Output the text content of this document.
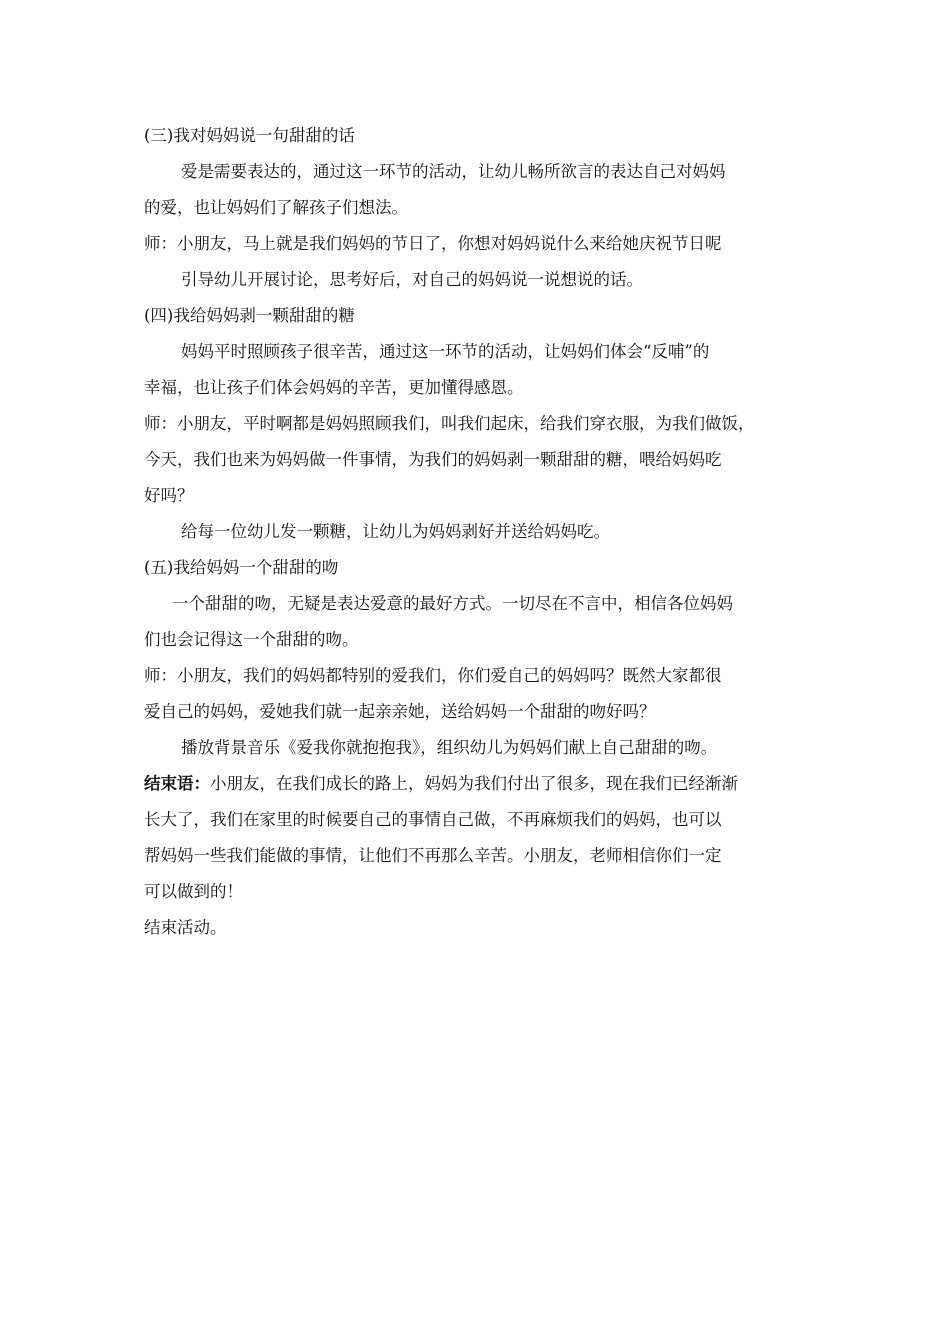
(三)我对妈妈说一句甜甜的话
爱是需要表达的，通过这一环节的活动，让幼儿畅所欲言的表达自己对妈妈
的爱，也让妈妈们了解孩子们想法。
师：小朋友，马上就是我们妈妈的节日了，你想对妈妈说什么来给她庆祝节日呢
引导幼儿开展讨论，思考好后，对自己的妈妈说一说想说的话。
(四)我给妈妈剥一颗甜甜的糖
妈妈平时照顾孩子很辛苦，通过这一环节的活动，让妈妈们体会“反哺”的
幸福，也让孩子们体会妈妈的辛苦，更加懂得感恩。
师：小朋友，平时啊都是妈妈照顾我们，叫我们起床，给我们穿衣服，为我们做饭，
今天，我们也来为妈妈做一件事情，为我们的妈妈剥一颗甜甜的糖，喂给妈妈吃
好吗？
给每一位幼儿发一颗糖，让幼儿为妈妈剥好并送给妈妈吃。
(五)我给妈妈一个甜甜的吻
一个甜甜的吻，无疑是表达爱意的最好方式。一切尽在不言中，相信各位妈妈
们也会记得这一个甜甜的吻。
师：小朋友，我们的妈妈都特别的爱我们，你们爱自己的妈妈吗？既然大家都很
爱自己的妈妈，爱她我们就一起亲亲她，送给妈妈一个甜甜的吻好吗？
播放背景音乐《爱我你就抱抱我》，组织幼儿为妈妈们献上自己甜甜的吻。
结束语：小朋友，在我们成长的路上，妈妈为我们付出了很多，现在我们已经渐渐
长大了，我们在家里的时候要自己的事情自己做，不再麻烦我们的妈妈，也可以
帮妈妈一些我们能做的事情，让他们不再那么辛苦。小朋友，老师相信你们一定
可以做到的！
结束活动。
